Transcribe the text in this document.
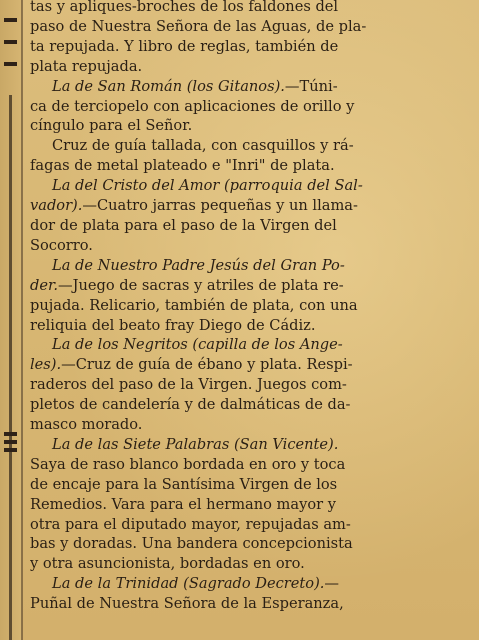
tas y apliques-broches de los faldones del
paso de Nuestra Señora de las Aguas, de pla-
ta repujada. Y libro de reglas, también de
plata repujada.
La de San Román (los Gitanos).—Túni-
ca de terciopelo con aplicaciones de orillo y
cíngulo para el Señor.
Cruz de guía tallada, con casquillos y rá-
fagas de metal plateado e "Inri" de plata.
La del Cristo del Amor (parroquia del Sal-
vador).—Cuatro jarras pequeñas y un llama-
dor de plata para el paso de la Virgen del
Socorro.
La de Nuestro Padre Jesús del Gran Po-
der.—Juego de sacras y atriles de plata re-
pujada. Relicario, también de plata, con una
reliquia del beato fray Diego de Cádiz.
La de los Negritos (capilla de los Ange-
les).—Cruz de guía de ébano y plata. Respi-
raderos del paso de la Virgen. Juegos com-
pletos de candelería y de dalmáticas de da-
masco morado.
La de las Siete Palabras (San Vicente).
Saya de raso blanco bordada en oro y toca
de encaje para la Santísima Virgen de los
Remedios. Vara para el hermano mayor y
otra para el diputado mayor, repujadas am-
bas y doradas. Una bandera concepcionista
y otra asuncionista, bordadas en oro.
La de la Trinidad (Sagrado Decreto).—
Puñal de Nuestra Señora de la Esperanza,
